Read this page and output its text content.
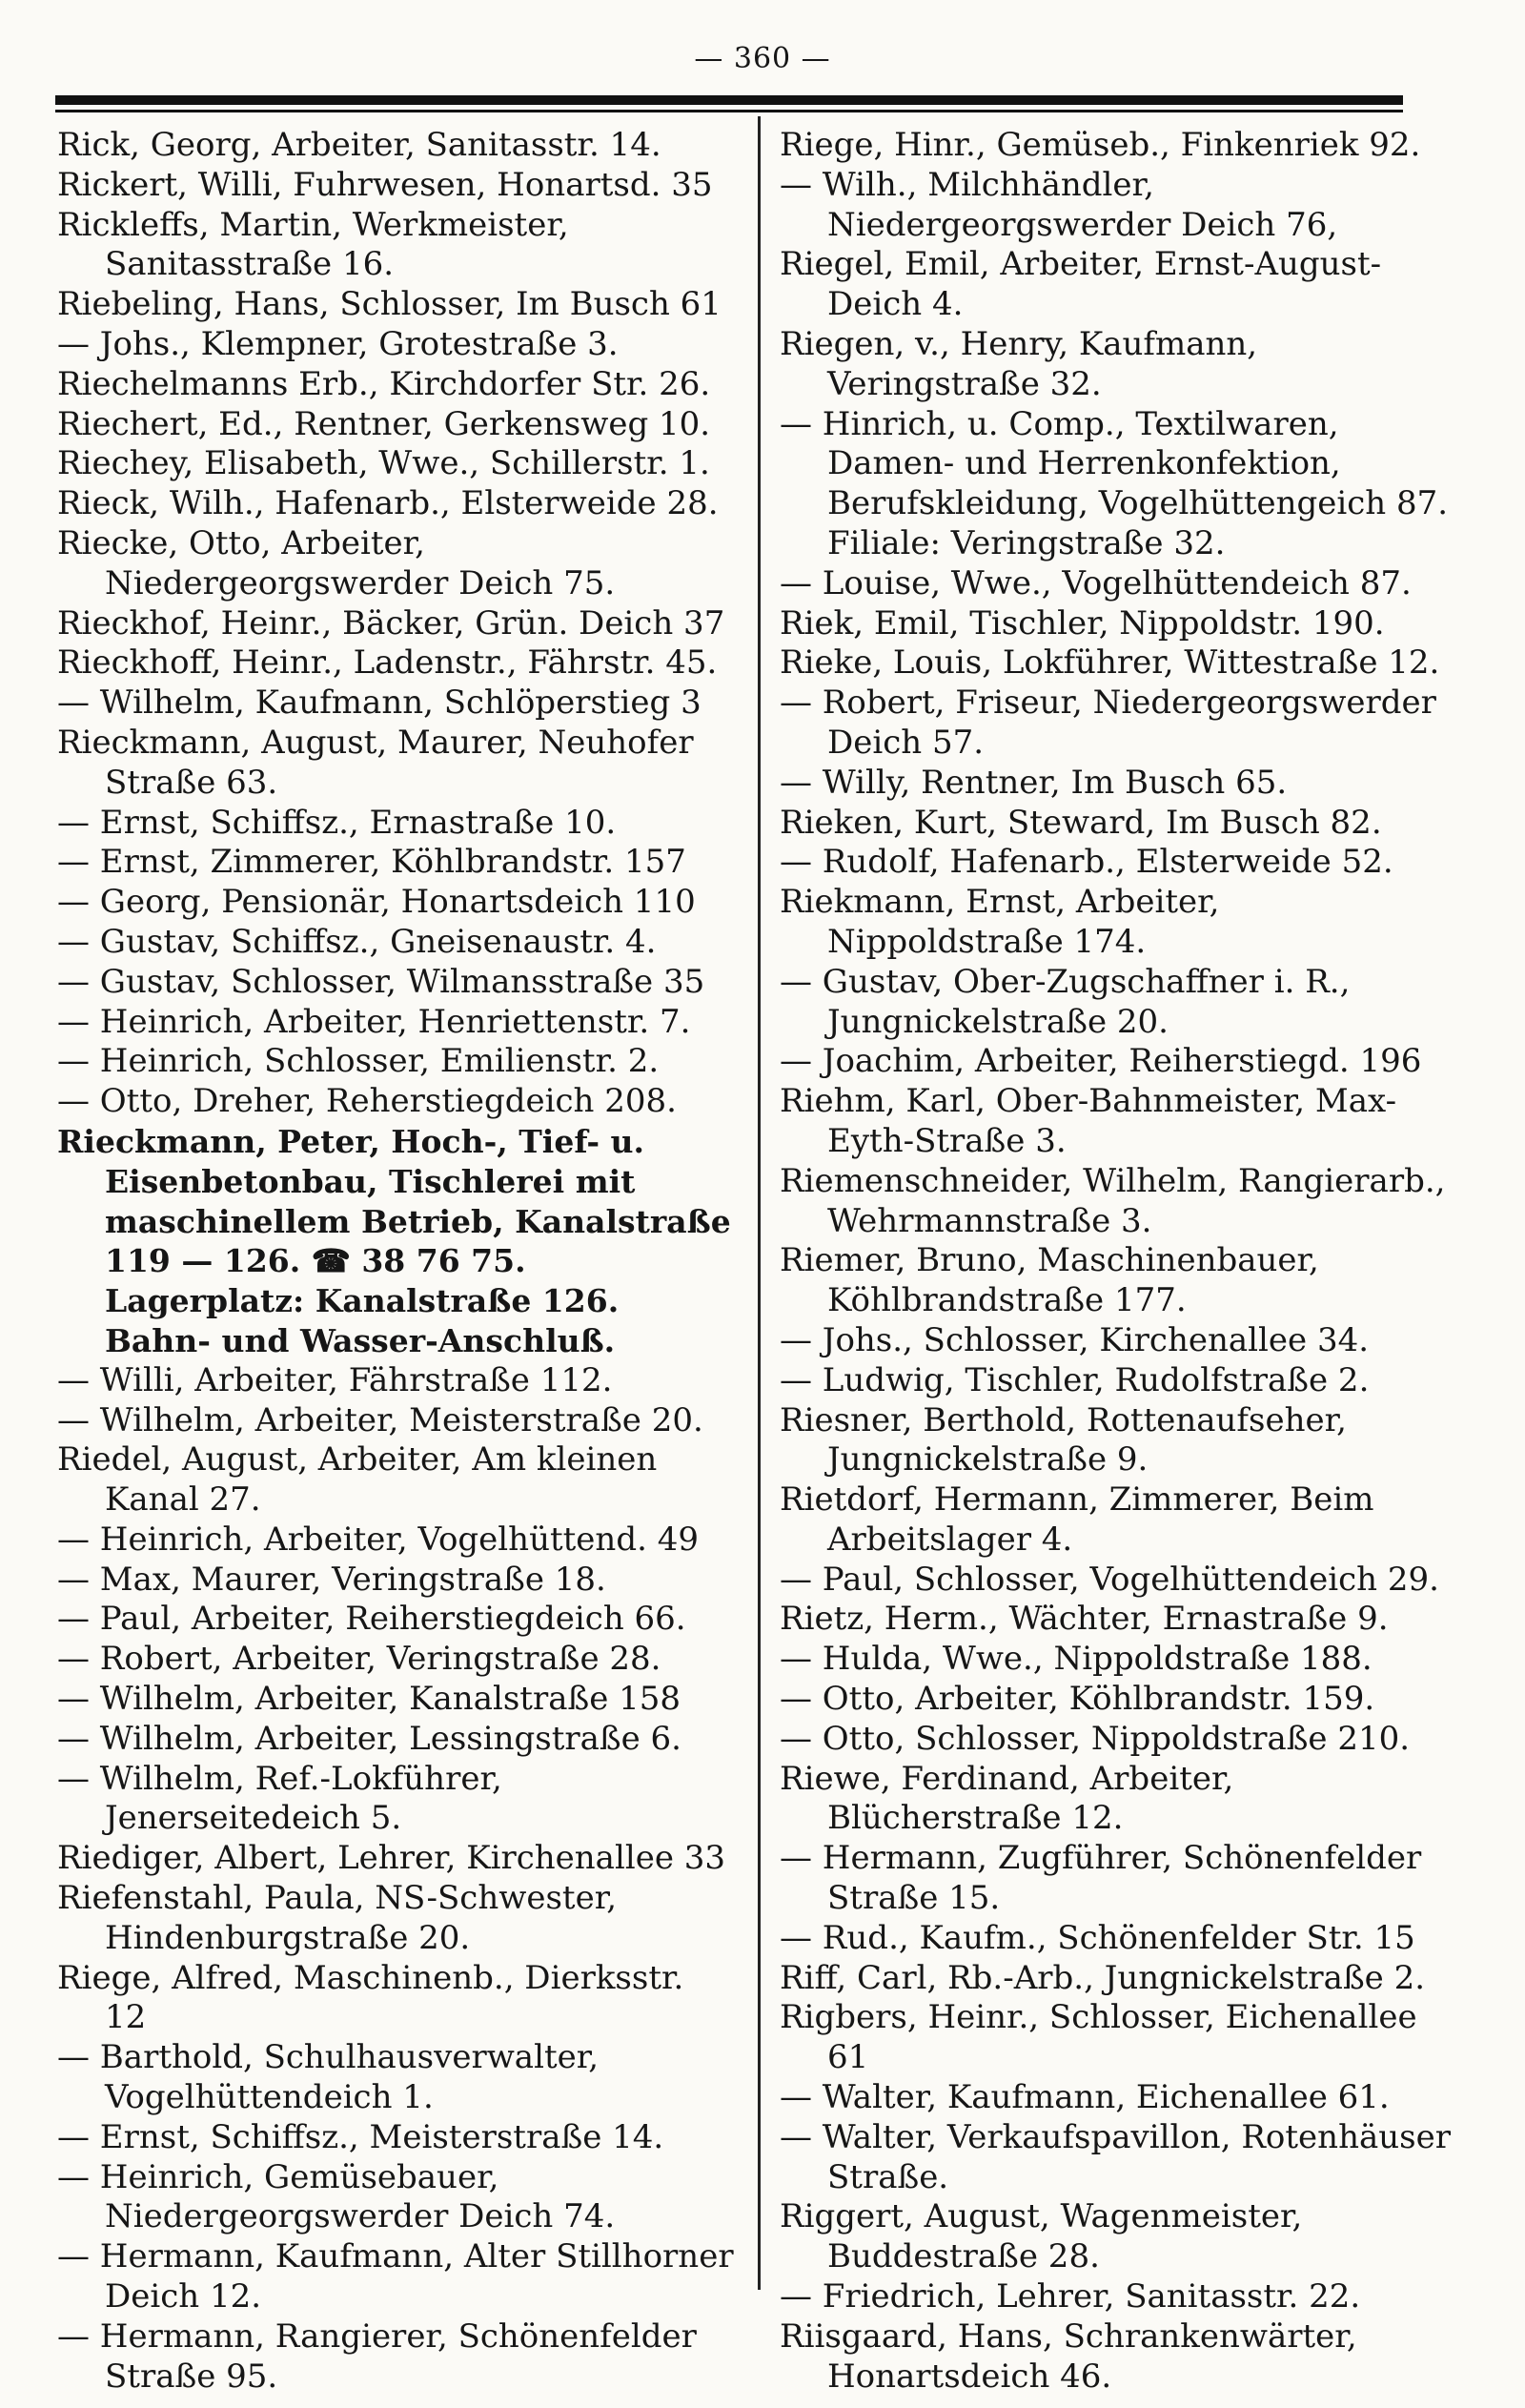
— 360 —
Rick, Georg, Arbeiter, Sanitasstr. 14.
Rickert, Willi, Fuhrwesen, Honartsd. 35
Rickleffs, Martin, Werkmeister, Sanitasstraße 16.
Riebeling, Hans, Schlosser, Im Busch 61
— Johs., Klempner, Grotestraße 3.
Riechelmanns Erb., Kirchdorfer Str. 26.
Riechert, Ed., Rentner, Gerkensweg 10.
Riechey, Elisabeth, Wwe., Schillerstr. 1.
Rieck, Wilh., Hafenarb., Elsterweide 28.
Riecke, Otto, Arbeiter, Niedergeorgswerder Deich 75.
Rieckhof, Heinr., Bäcker, Grün. Deich 37
Rieckhoff, Heinr., Ladenstr., Fährstr. 45.
— Wilhelm, Kaufmann, Schlöperstieg 3
Rieckmann, August, Maurer, Neuhofer Straße 63.
— Ernst, Schiffsz., Ernastraße 10.
— Ernst, Zimmerer, Köhlbrandstr. 157
— Georg, Pensionär, Honartsdeich 110
— Gustav, Schiffsz., Gneisenaustr. 4.
— Gustav, Schlosser, Wilmansstraße 35
— Heinrich, Arbeiter, Henriettenstr. 7.
— Heinrich, Schlosser, Emilienstr. 2.
— Otto, Dreher, Reherstiegdeich 208.
Rieckmann, Peter, Hoch-, Tief- u. Eisenbetonbau, Tischlerei mit maschinellem Betrieb, Kanalstraße 119 — 126. ☎ 38 76 75. Lagerplatz: Kanalstraße 126. Bahn- und Wasser-Anschluß.
— Willi, Arbeiter, Fährstraße 112.
— Wilhelm, Arbeiter, Meisterstraße 20.
Riedel, August, Arbeiter, Am kleinen Kanal 27.
— Heinrich, Arbeiter, Vogelhüttend. 49
— Max, Maurer, Veringstraße 18.
— Paul, Arbeiter, Reiherstiegdeich 66.
— Robert, Arbeiter, Veringstraße 28.
— Wilhelm, Arbeiter, Kanalstraße 158
— Wilhelm, Arbeiter, Lessingstraße 6.
— Wilhelm, Ref.-Lokführer, Jenerseitedeich 5.
Riediger, Albert, Lehrer, Kirchenallee 33
Riefenstahl, Paula, NS-Schwester, Hindenburgstraße 20.
Riege, Alfred, Maschinenb., Dierksstr. 12
— Barthold, Schulhausverwalter, Vogelhüttendeich 1.
— Ernst, Schiffsz., Meisterstraße 14.
— Heinrich, Gemüsebauer, Niedergeorgswerder Deich 74.
— Hermann, Kaufmann, Alter Stillhorner Deich 12.
— Hermann, Rangierer, Schönenfelder Straße 95.
Riege, Hinr., Gemüseb., Finkenriek 92.
— Wilh., Milchhändler, Niedergeorgswerder Deich 76,
Riegel, Emil, Arbeiter, Ernst-August-Deich 4.
Riegen, v., Henry, Kaufmann, Veringstraße 32.
— Hinrich, u. Comp., Textilwaren, Damen- und Herrenkonfektion, Berufskleidung, Vogelhüttengeich 87. Filiale: Veringstraße 32.
— Louise, Wwe., Vogelhüttendeich 87.
Riek, Emil, Tischler, Nippoldstr. 190.
Rieke, Louis, Lokführer, Wittestraße 12.
— Robert, Friseur, Niedergeorgswerder Deich 57.
— Willy, Rentner, Im Busch 65.
Rieken, Kurt, Steward, Im Busch 82.
— Rudolf, Hafenarb., Elsterweide 52.
Riekmann, Ernst, Arbeiter, Nippoldstraße 174.
— Gustav, Ober-Zugschaffner i. R., Jungnickelstraße 20.
— Joachim, Arbeiter, Reiherstiegd. 196
Riehm, Karl, Ober-Bahnmeister, Max-Eyth-Straße 3.
Riemenschneider, Wilhelm, Rangierarb., Wehrmannstraße 3.
Riemer, Bruno, Maschinenbauer, Köhlbrandstraße 177.
— Johs., Schlosser, Kirchenallee 34.
— Ludwig, Tischler, Rudolfstraße 2.
Riesner, Berthold, Rottenaufseher, Jungnickelstraße 9.
Rietdorf, Hermann, Zimmerer, Beim Arbeitslager 4.
— Paul, Schlosser, Vogelhüttendeich 29.
Rietz, Herm., Wächter, Ernastraße 9.
— Hulda, Wwe., Nippoldstraße 188.
— Otto, Arbeiter, Köhlbrandstr. 159.
— Otto, Schlosser, Nippoldstraße 210.
Riewe, Ferdinand, Arbeiter, Blücherstraße 12.
— Hermann, Zugführer, Schönenfelder Straße 15.
— Rud., Kaufm., Schönenfelder Str. 15
Riff, Carl, Rb.-Arb., Jungnickelstraße 2.
Rigbers, Heinr., Schlosser, Eichenallee 61
— Walter, Kaufmann, Eichenallee 61.
— Walter, Verkaufspavillon, Rotenhäuser Straße.
Riggert, August, Wagenmeister, Buddestraße 28.
— Friedrich, Lehrer, Sanitasstr. 22.
Riisgaard, Hans, Schrankenwärter, Honartsdeich 46.
